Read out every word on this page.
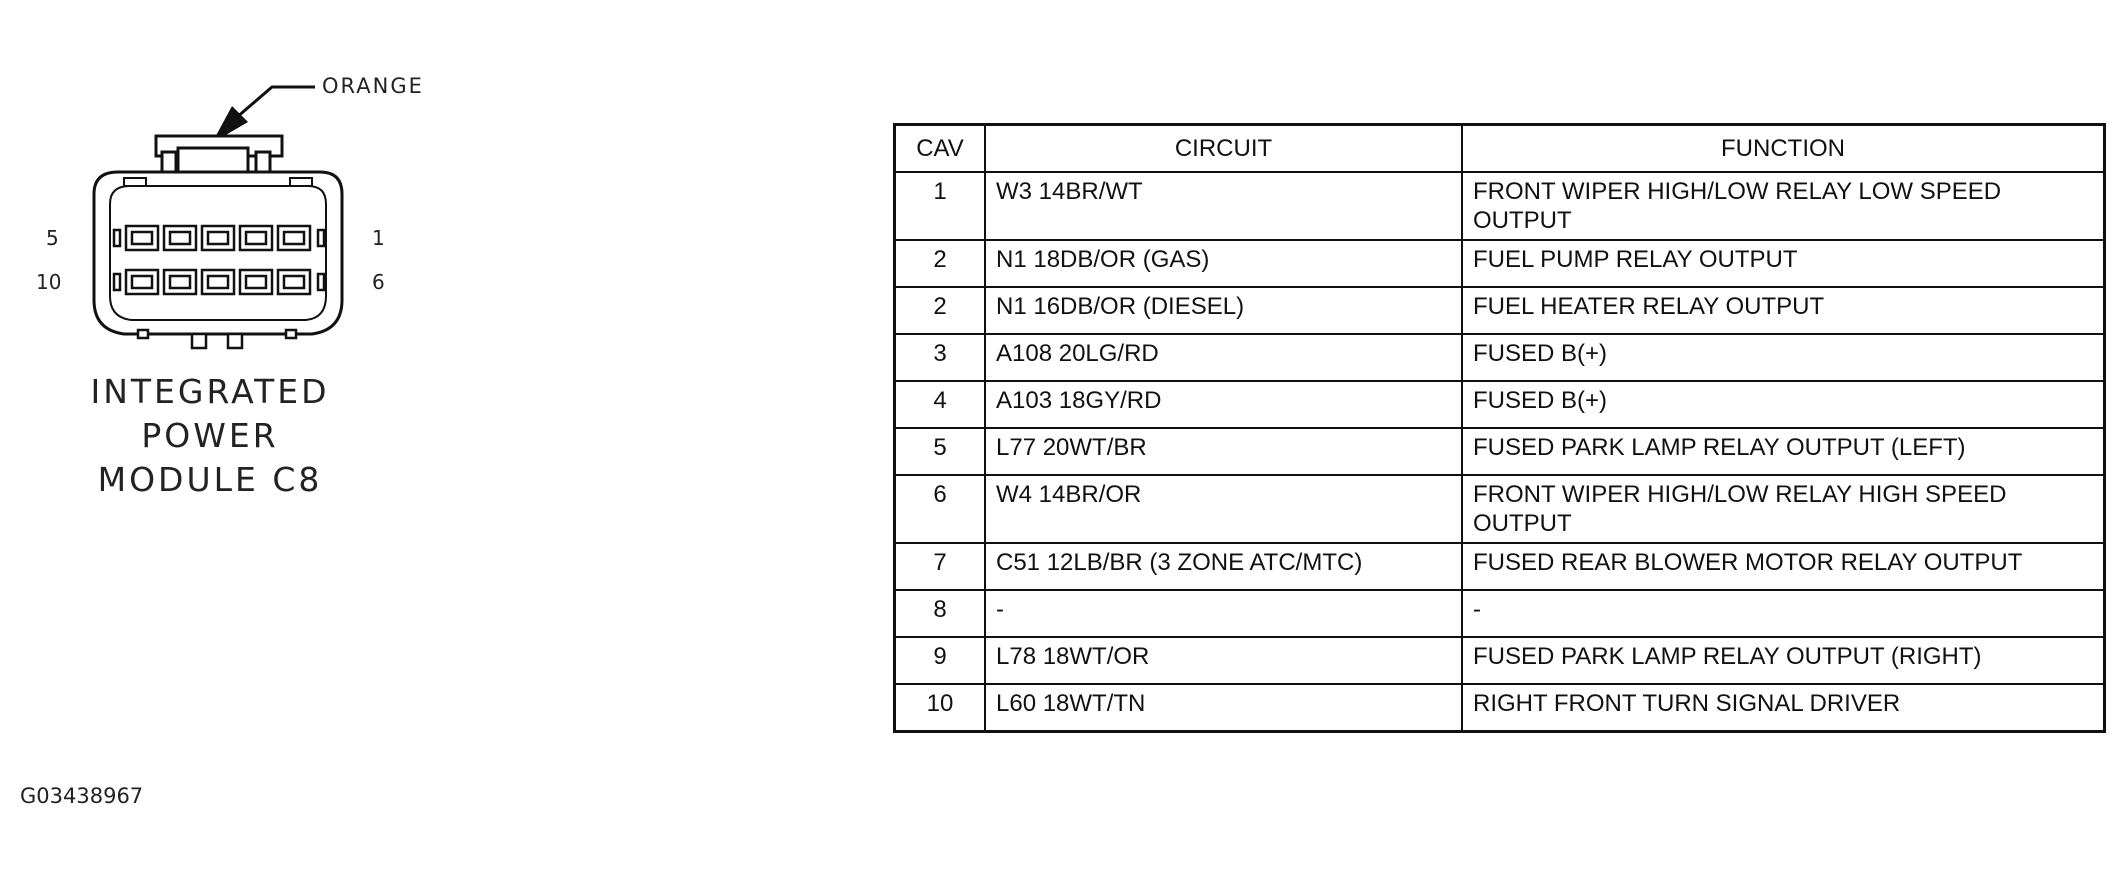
ORANGE
5	1
10	6
INTEGRATED
POWER
MODULE C8
CAV	CIRCUIT	FUNCTION
1	W3 14BR/WT	FRONT WIPER HIGH/LOW RELAY LOW SPEED OUTPUT
2	N1 18DB/OR (GAS)	FUEL PUMP RELAY OUTPUT
2	N1 16DB/OR (DIESEL)	FUEL HEATER RELAY OUTPUT
3	A108 20LG/RD	FUSED B(+)
4	A103 18GY/RD	FUSED B(+)
5	L77 20WT/BR	FUSED PARK LAMP RELAY OUTPUT (LEFT)
6	W4 14BR/OR	FRONT WIPER HIGH/LOW RELAY HIGH SPEED OUTPUT
7	C51 12LB/BR (3 ZONE ATC/MTC)	FUSED REAR BLOWER MOTOR RELAY OUTPUT
8	-	-
9	L78 18WT/OR	FUSED PARK LAMP RELAY OUTPUT (RIGHT)
10	L60 18WT/TN	RIGHT FRONT TURN SIGNAL DRIVER
G03438967
